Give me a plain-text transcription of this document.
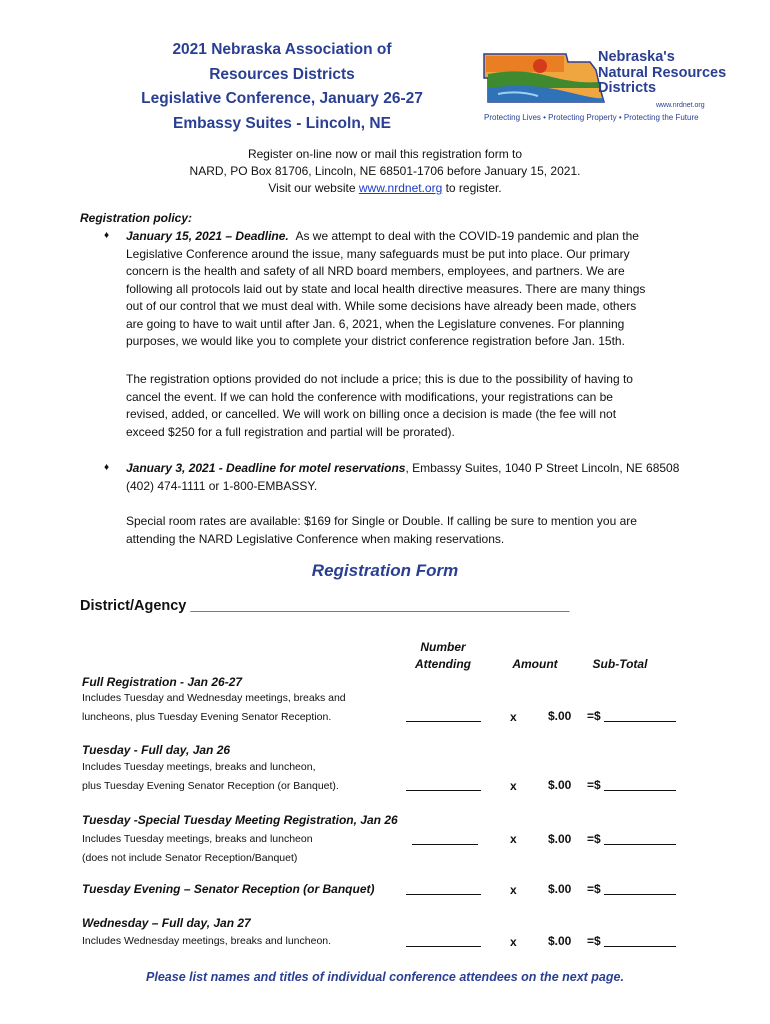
2021 Nebraska Association of
Resources Districts
Legislative Conference, January 26-27
Embassy Suites - Lincoln, NE
Nebraska's
Natural Resources
Districts
www.nrdnet.org
Protecting Lives • Protecting Property • Protecting the Future
Register on-line now or mail this registration form to
NARD, PO Box 81706, Lincoln, NE 68501-1706 before January 15, 2021.
Visit our website www.nrdnet.org to register.
Registration policy:
♦ January 15, 2021 – Deadline. As we attempt to deal with the COVID-19 pandemic and plan the
Legislative Conference around the issue, many safeguards must be put into place. Our primary
concern is the health and safety of all NRD board members, employees, and partners. We are
following all protocols laid out by state and local health directive measures. There are many things
out of our control that we must deal with. While some decisions have already been made, others
are going to have to wait until after Jan. 6, 2021, when the Legislature convenes. For planning
purposes, we would like you to complete your district conference registration before Jan. 15th.
The registration options provided do not include a price; this is due to the possibility of having to
cancel the event. If we can hold the conference with modifications, your registrations can be
revised, added, or cancelled. We will work on billing once a decision is made (the fee will not
exceed $250 for a full registration and partial will be prorated).
♦ January 3, 2021 - Deadline for motel reservations, Embassy Suites, 1040 P Street Lincoln, NE 68508
(402) 474-1111 or 1-800-EMBASSY.
Special room rates are available: $169 for Single or Double. If calling be sure to mention you are
attending the NARD Legislative Conference when making reservations.
Registration Form
District/Agency _______________________________________________
Number
Attending	Amount	Sub-Total
Full Registration - Jan 26-27
Includes Tuesday and Wednesday meetings, breaks and
luncheons, plus Tuesday Evening Senator Reception.	x	$.00 =$
Tuesday - Full day, Jan 26
Includes Tuesday meetings, breaks and luncheon,
plus Tuesday Evening Senator Reception (or Banquet).	x	$.00 =$
Tuesday -Special Tuesday Meeting Registration, Jan 26
Includes Tuesday meetings, breaks and luncheon
(does not include Senator Reception/Banquet)
x	$.00 =$
Tuesday Evening – Senator Reception (or Banquet)	x	$.00 =$
Wednesday – Full day, Jan 27
Includes Wednesday meetings, breaks and luncheon.	x	$.00 =$
Please list names and titles of individual conference attendees on the next page.
